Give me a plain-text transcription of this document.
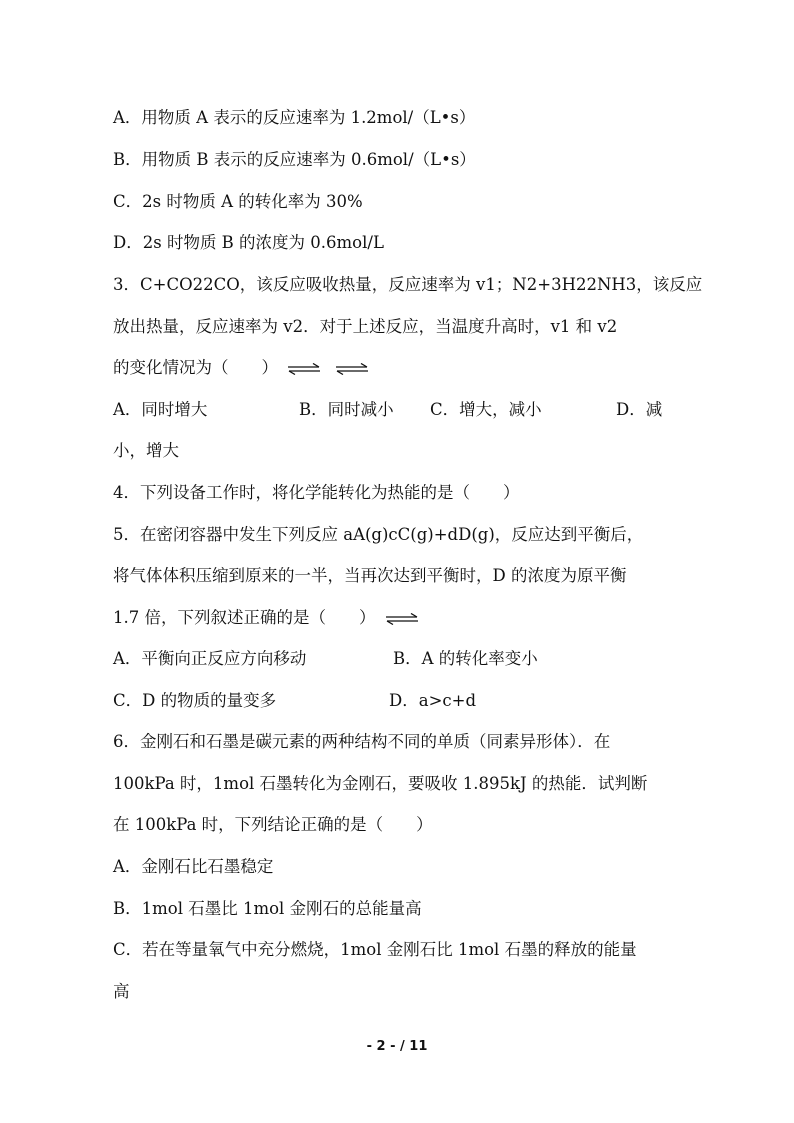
A．用物质 A 表示的反应速率为 1.2mol/（L•s）
B．用物质 B 表示的反应速率为 0.6mol/（L•s）
C．2s 时物质 A 的转化率为 30%
D．2s 时物质 B 的浓度为 0.6mol/L
3．C+CO22CO，该反应吸收热量，反应速率为 v1；N2+3H22NH3，该反应
放出热量，反应速率为 v2．对于上述反应，当温度升高时，v1 和 v2
的变化情况为（　　）
A．同时增大	B．同时减小 C．增大，减小	D．减
小，增大
4．下列设备工作时，将化学能转化为热能的是（　　）
5．在密闭容器中发生下列反应 aA(g)cC(g)+dD(g)，反应达到平衡后，
将气体体积压缩到原来的一半，当再次达到平衡时，D 的浓度为原平衡
1.7 倍，下列叙述正确的是（　　） ⇌
A．平衡向正反应方向移动	B．A 的转化率变小
C．D 的物质的量变多	D．a>c+d
6．金刚石和石墨是碳元素的两种结构不同的单质（同素异形体）．在
100kPa 时，1mol 石墨转化为金刚石，要吸收 1.895kJ 的热能．试判断
在 100kPa 时，下列结论正确的是（　　）
A．金刚石比石墨稳定
B．1mol 石墨比 1mol 金刚石的总能量高
C．若在等量氧气中充分燃烧，1mol 金刚石比 1mol 石墨的释放的能量
高
- 2 - / 11
